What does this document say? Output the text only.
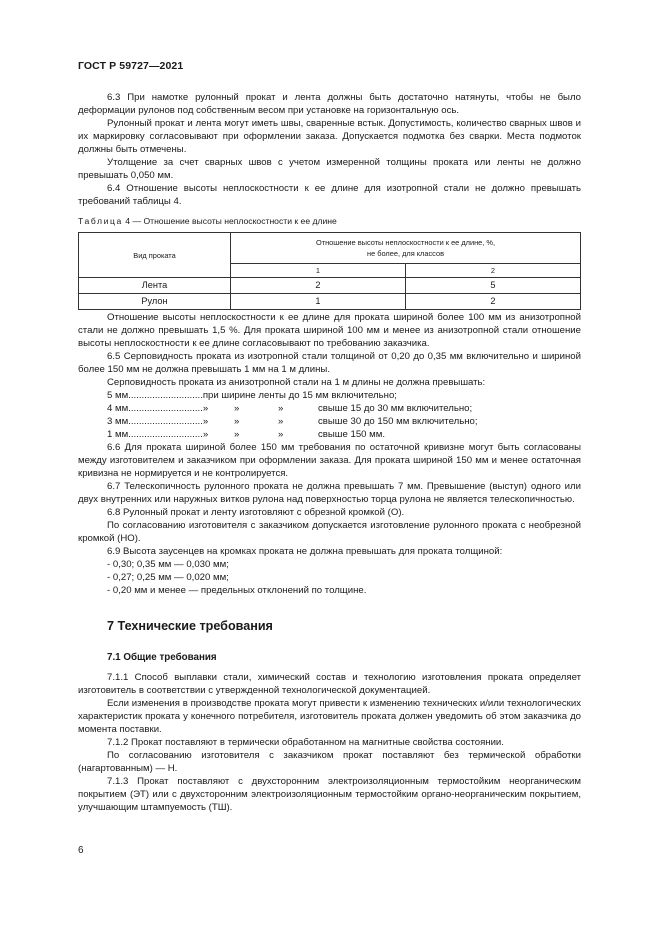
ГОСТ Р 59727—2021

6.3 При намотке рулонный прокат и лента должны быть достаточно натянуты, чтобы не было деформации рулонов под собственным весом при установке на горизонтальную ось.

Рулонный прокат и лента могут иметь швы, сваренные встык. Допустимость, количество сварных швов и их маркировку согласовывают при оформлении заказа. Допускается подмотка без сварки. Места подмоток должны быть отмечены.

Утолщение за счет сварных швов с учетом измеренной толщины проката или ленты не должно превышать 0,050 мм.

6.4 Отношение высоты неплоскостности к ее длине для изотропной стали не должно превышать требований таблицы 4.

Таблица 4 — Отношение высоты неплоскостности к ее длине
Вид проката	Отношение высоты неплоскостности к ее длине, %,
не более, для классов	
	1	2
Лента	2	5
Рулон	1	2

Отношение высоты неплоскостности к ее длине для проката шириной более 100 мм из анизотропной стали не должно превышать 1,5 %. Для проката шириной 100 мм и менее из анизотропной стали отношение высоты неплоскостности к ее длине согласовывают по требованию заказчика.

6.5 Серповидность проката из изотропной стали толщиной от 0,20 до 0,35 мм включительно и шириной более 150 мм не должна превышать 1 мм на 1 м длины.

Серповидность проката из анизотропной стали на 1 м длины не должна превышать:

5 мм............................при ширине ленты до 15 мм включительно;
4 мм............................»	»	»	свыше 15 до 30 мм включительно;
3 мм............................»	»	»	свыше 30 до 150 мм включительно;
1 мм............................»	»	»	свыше 150 мм.

6.6 Для проката шириной более 150 мм требования по остаточной кривизне могут быть согласованы между изготовителем и заказчиком при оформлении заказа. Для проката шириной 150 мм и менее остаточная кривизна не нормируется и не контролируется.

6.7 Телескопичность рулонного проката не должна превышать 7 мм. Превышение (выступ) одного или двух внутренних или наружных витков рулона над поверхностью торца рулона не является телескопичностью.

6.8 Рулонный прокат и ленту изготовляют с обрезной кромкой (О).

По согласованию изготовителя с заказчиком допускается изготовление рулонного проката с необрезной кромкой (НО).

6.9 Высота заусенцев на кромках проката не должна превышать для проката толщиной:

- 0,30; 0,35 мм — 0,030 мм;

- 0,27; 0,25 мм — 0,020 мм;

- 0,20 мм и менее — предельных отклонений по толщине.

7 Технические требования
7.1 Общие требования

7.1.1 Способ выплавки стали, химический состав и технологию изготовления проката определяет изготовитель в соответствии с утвержденной технологической документацией.

Если изменения в производстве проката могут привести к изменению технических и/или технологических характеристик проката у конечного потребителя, изготовитель проката должен уведомить об этом заказчика до момента поставки.

7.1.2 Прокат поставляют в термически обработанном на магнитные свойства состоянии.

По согласованию изготовителя с заказчиком прокат поставляют без термической обработки (нагартованным) — Н.

7.1.3 Прокат поставляют с двухсторонним электроизоляционным термостойким неорганическим покрытием (ЭТ) или с двухсторонним электроизоляционным термостойким органо-неорганическим покрытием, улучшающим штампуемость (ТШ).

6
